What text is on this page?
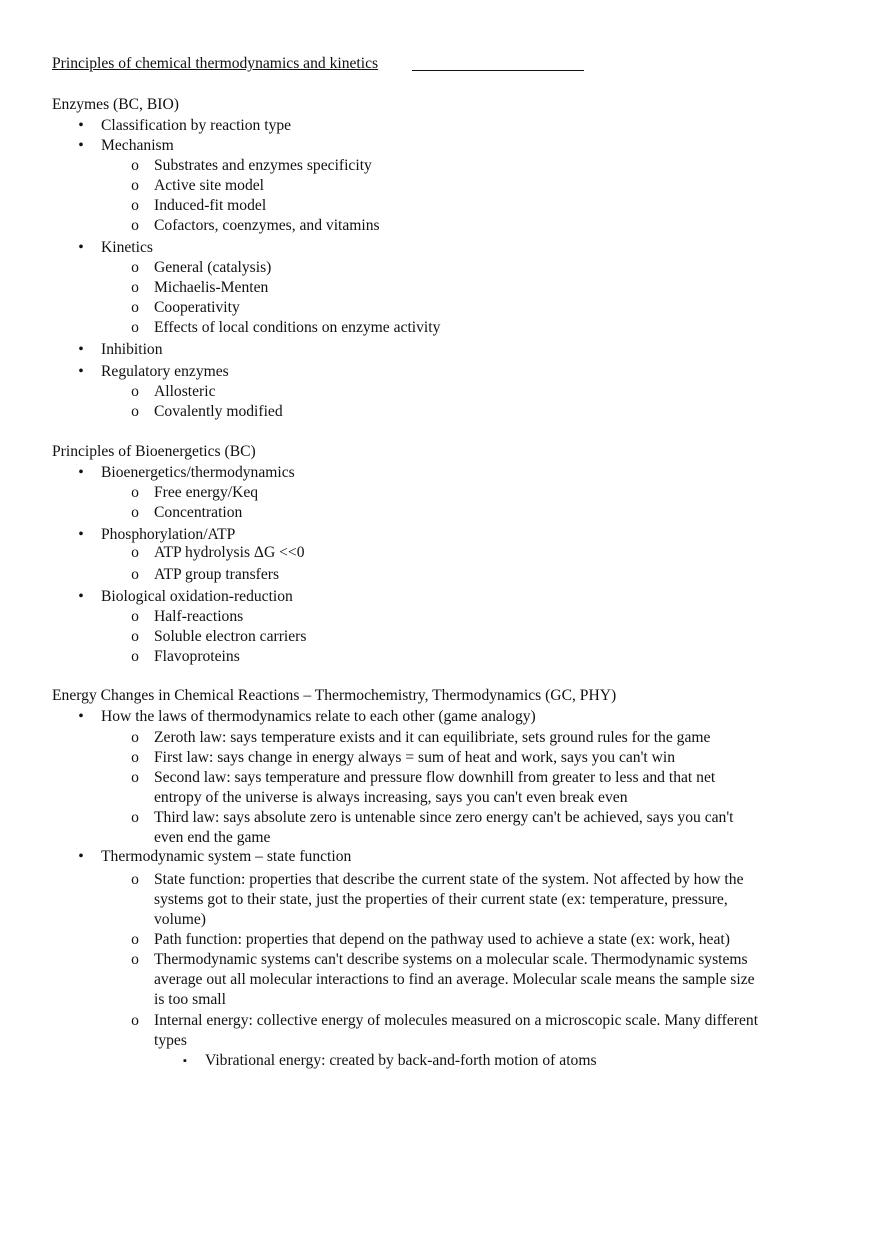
Principles of chemical thermodynamics and kinetics
Enzymes (BC, BIO)
• Classification by reaction type
• Mechanism
o Substrates and enzymes specificity
o Active site model
o Induced-fit model
o Cofactors, coenzymes, and vitamins
• Kinetics
o General (catalysis)
o Michaelis-Menten
o Cooperativity
o Effects of local conditions on enzyme activity
• Inhibition
• Regulatory enzymes
o Allosteric
o Covalently modified
Principles of Bioenergetics (BC)
• Bioenergetics/thermodynamics
o Free energy/Keq
o Concentration
• Phosphorylation/ATP
o ATP hydrolysis ΔG <<0
o ATP group transfers
• Biological oxidation-reduction
o Half-reactions
o Soluble electron carriers
o Flavoproteins
Energy Changes in Chemical Reactions – Thermochemistry, Thermodynamics (GC, PHY)
• How the laws of thermodynamics relate to each other (game analogy)
o Zeroth law: says temperature exists and it can equilibriate, sets ground rules for the game
o First law: says change in energy always = sum of heat and work, says you can't win
o Second law: says temperature and pressure flow downhill from greater to less and that net
entropy of the universe is always increasing, says you can't even break even
o Third law: says absolute zero is untenable since zero energy can't be achieved, says you can't
even end the game
• Thermodynamic system – state function
o State function: properties that describe the current state of the system. Not affected by how the
systems got to their state, just the properties of their current state (ex: temperature, pressure,
volume)
o Path function: properties that depend on the pathway used to achieve a state (ex: work, heat)
o Thermodynamic systems can't describe systems on a molecular scale. Thermodynamic systems
average out all molecular interactions to find an average. Molecular scale means the sample size
is too small
o Internal energy: collective energy of molecules measured on a microscopic scale. Many different
types
▪ Vibrational energy: created by back-and-forth motion of atoms
